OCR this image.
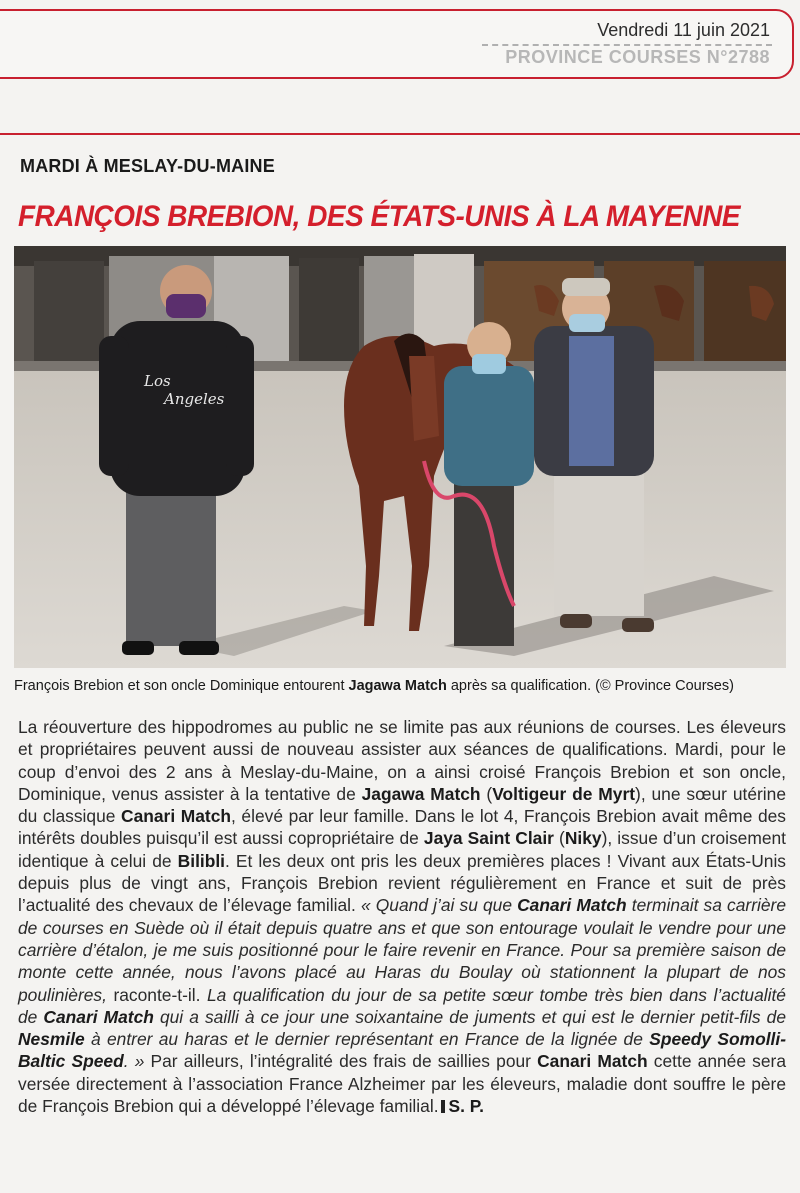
Vendredi 11 juin 2021
PROVINCE COURSES N°2788
MARDI À MESLAY-DU-MAINE
FRANÇOIS BREBION, DES ÉTATS-UNIS À LA MAYENNE
Los
Angeles
François Brebion et son oncle Dominique entourent Jagawa Match après sa qualification. (© Province Courses)
La réouverture des hippodromes au public ne se limite pas aux réunions de courses. Les éleveurs et propriétaires peuvent aussi de nouveau assister aux séances de qualifications. Mardi, pour le coup d’envoi des 2 ans à Meslay-du-Maine, on a ainsi croisé François Brebion et son oncle, Dominique, venus assister à la tentative de Jagawa Match (Voltigeur de Myrt), une sœur utérine du classique Canari Match, élevé par leur famille. Dans le lot 4, François Brebion avait même des intérêts doubles puisqu’il est aussi copropriétaire de Jaya Saint Clair (Niky), issue d’un croisement identique à celui de Bilibli. Et les deux ont pris les deux premières places ! Vivant aux États-Unis depuis plus de vingt ans, François Brebion revient régulièrement en France et suit de près l’actualité des chevaux de l’élevage familial. « Quand j’ai su que Canari Match terminait sa carrière de courses en Suède où il était depuis quatre ans et que son entourage voulait le vendre pour une carrière d’étalon, je me suis positionné pour le faire revenir en France. Pour sa première saison de monte cette année, nous l’avons placé au Haras du Boulay où stationnent la plupart de nos poulinières, raconte-t-il. La qualification du jour de sa petite sœur tombe très bien dans l’actualité de Canari Match qui a sailli à ce jour une soixantaine de juments et qui est le dernier petit-fils de Nesmile à entrer au haras et le dernier représentant en France de la lignée de Speedy Somolli-Baltic Speed. » Par ailleurs, l’intégralité des frais de saillies pour Canari Match cette année sera versée directement à l’association France Alzheimer par les éleveurs, maladie dont souffre le père de François Brebion qui a développé l’élevage familial. S. P.
